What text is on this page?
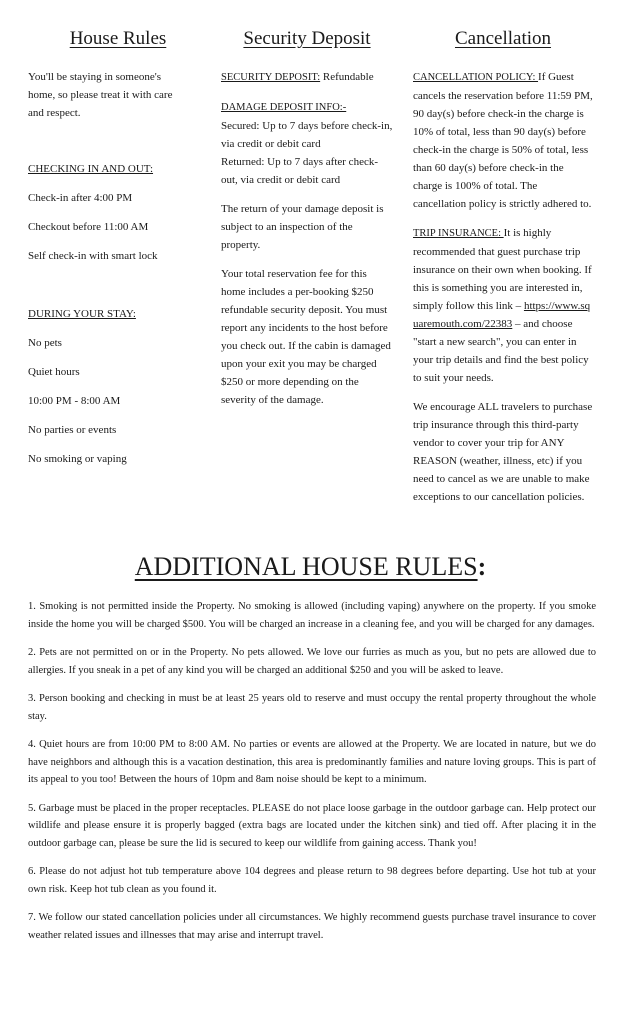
House Rules

You'll be staying in someone's home, so please treat it with care and respect.

CHECKING IN AND OUT:

Check-in after 4:00 PM

Checkout before 11:00 AM

Self check-in with smart lock

DURING YOUR STAY:

No pets

Quiet hours

10:00 PM - 8:00 AM

No parties or events

No smoking or vaping

Security Deposit

SECURITY DEPOSIT: Refundable

DAMAGE DEPOSIT INFO:-

Secured: Up to 7 days before check-in, via credit or debit card

Returned: Up to 7 days after check-out, via credit or debit card

The return of your damage deposit is subject to an inspection of the property.

Your total reservation fee for this home includes a per-booking $250 refundable security deposit. You must report any incidents to the host before you check out. If the cabin is damaged upon your exit you may be charged $250 or more depending on the severity of the damage.

Cancellation

CANCELLATION POLICY: If Guest cancels the reservation before 11:59 PM, 90 day(s) before check-in the charge is 10% of total, less than 90 day(s) before check-in the charge is 50% of total, less than 60 day(s) before check-in the charge is 100% of total. The cancellation policy is strictly adhered to.

TRIP INSURANCE: It is highly recommended that guest purchase trip insurance on their own when booking. If this is something you are interested in, simply follow this link – https://www.squaremouth.com/22383 – and choose "start a new search", you can enter in your trip details and find the best policy to suit your needs.

We encourage ALL travelers to purchase trip insurance through this third-party vendor to cover your trip for ANY REASON (weather, illness, etc) if you need to cancel as we are unable to make exceptions to our cancellation policies.

ADDITIONAL HOUSE RULES:

1. Smoking is not permitted inside the Property. No smoking is allowed (including vaping) anywhere on the property. If you smoke inside the home you will be charged $500. You will be charged an increase in a cleaning fee, and you will be charged for any damages.

2. Pets are not permitted on or in the Property. No pets allowed. We love our furries as much as you, but no pets are allowed due to allergies. If you sneak in a pet of any kind you will be charged an additional $250 and you will be asked to leave.

3. Person booking and checking in must be at least 25 years old to reserve and must occupy the rental property throughout the whole stay.

4. Quiet hours are from 10:00 PM to 8:00 AM. No parties or events are allowed at the Property. We are located in nature, but we do have neighbors and although this is a vacation destination, this area is predominantly families and nature loving groups. This is part of its appeal to you too! Between the hours of 10pm and 8am noise should be kept to a minimum.

5. Garbage must be placed in the proper receptacles. PLEASE do not place loose garbage in the outdoor garbage can. Help protect our wildlife and please ensure it is properly bagged (extra bags are located under the kitchen sink) and tied off. After placing it in the outdoor garbage can, please be sure the lid is secured to keep our wildlife from gaining access. Thank you!

6. Please do not adjust hot tub temperature above 104 degrees and please return to 98 degrees before departing. Use hot tub at your own risk. Keep hot tub clean as you found it.

7. We follow our stated cancellation policies under all circumstances. We highly recommend guests purchase travel insurance to cover weather related issues and illnesses that may arise and interrupt travel.
